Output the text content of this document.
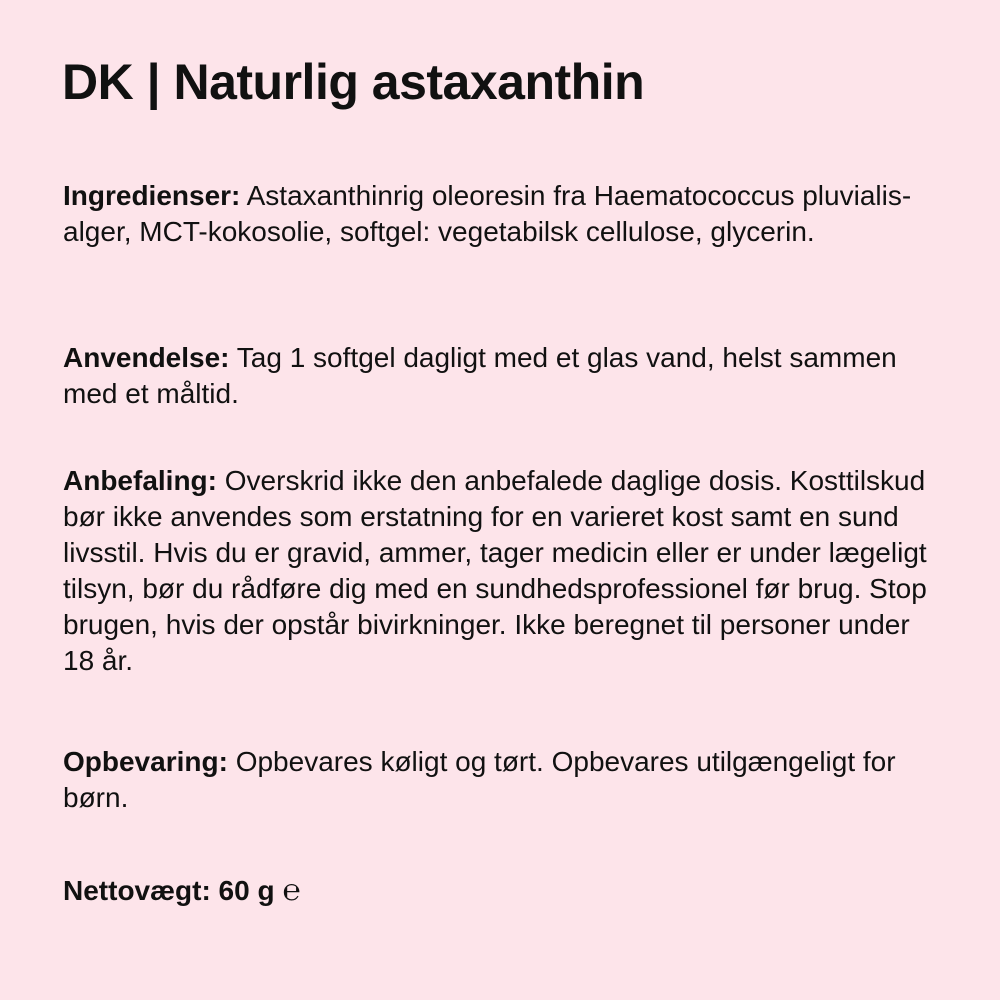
DK | Naturlig astaxanthin

Ingredienser: Astaxanthinrig oleoresin fra Haematococcus pluvialis-alger, MCT-kokosolie, softgel: vegetabilsk cellulose, glycerin.

Anvendelse: Tag 1 softgel dagligt med et glas vand, helst sammen med et måltid.

Anbefaling: Overskrid ikke den anbefalede daglige dosis. Kosttilskud bør ikke anvendes som erstatning for en varieret kost samt en sund livsstil. Hvis du er gravid, ammer, tager medicin eller er under lægeligt tilsyn, bør du rådføre dig med en sundhedsprofessionel før brug. Stop brugen, hvis der opstår bivirkninger. Ikke beregnet til personer under 18 år.

Opbevaring: Opbevares køligt og tørt. Opbevares utilgængeligt for børn.

Nettovægt: 60 g ℮
